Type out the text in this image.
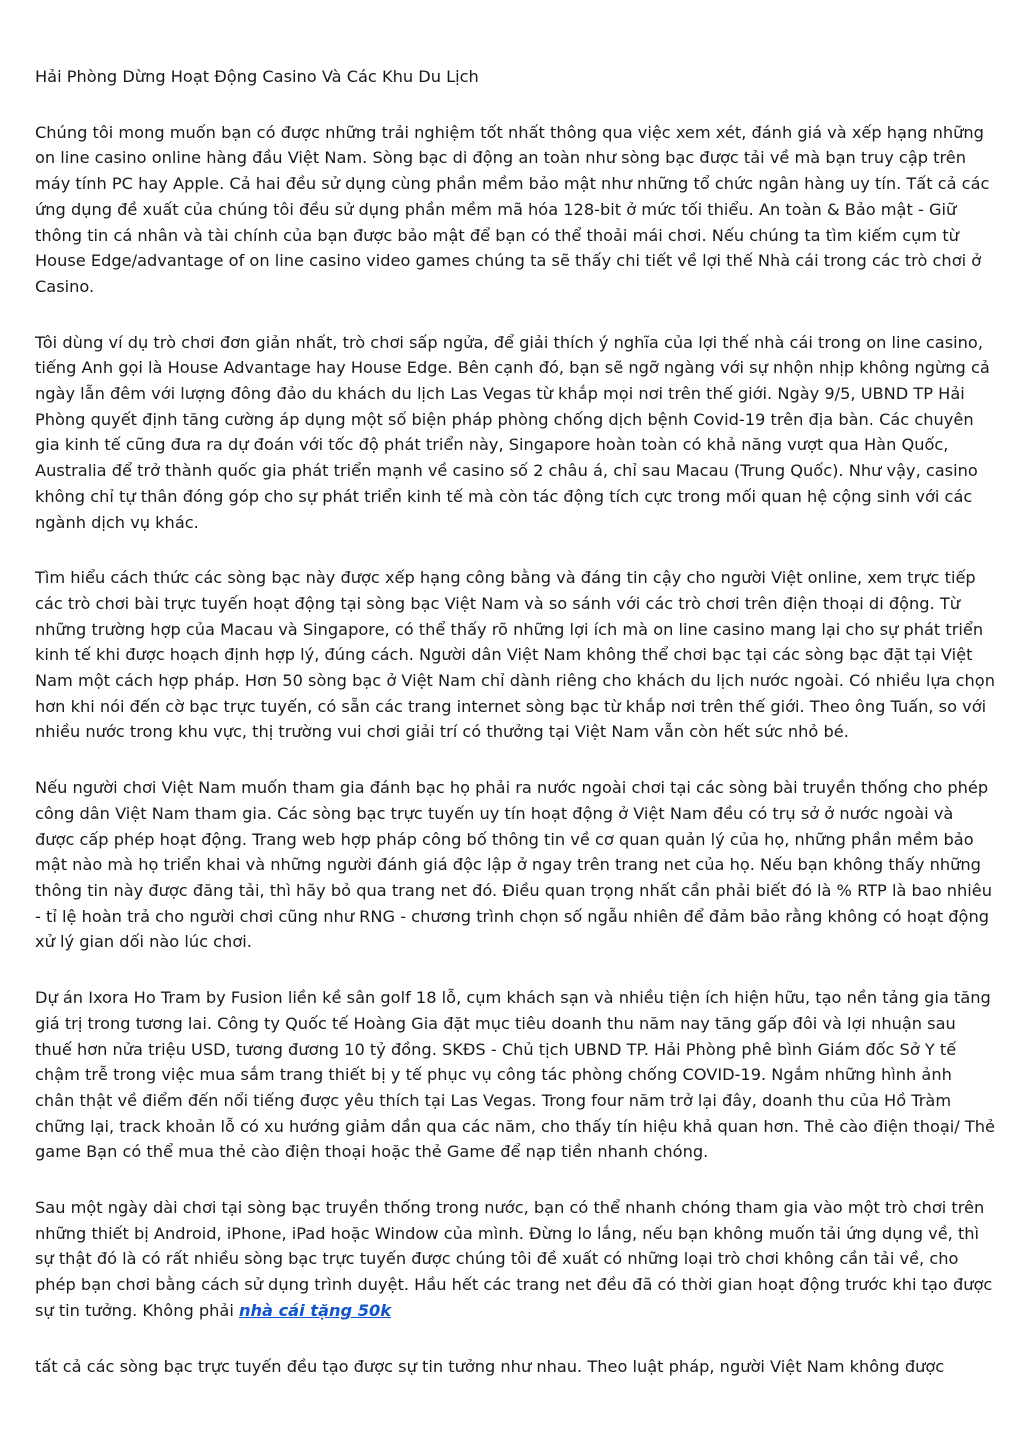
Hải Phòng Dừng Hoạt Động Casino Và Các Khu Du Lịch

Chúng tôi mong muốn bạn có được những trải nghiệm tốt nhất thông qua việc xem xét, đánh giá và xếp hạng những on line casino online hàng đầu Việt Nam. Sòng bạc di động an toàn như sòng bạc được tải về mà bạn truy cập trên máy tính PC hay Apple. Cả hai đều sử dụng cùng phần mềm bảo mật như những tổ chức ngân hàng uy tín. Tất cả các ứng dụng đề xuất của chúng tôi đều sử dụng phần mềm mã hóa 128-bit ở mức tối thiểu. An toàn & Bảo mật - Giữ thông tin cá nhân và tài chính của bạn được bảo mật để bạn có thể thoải mái chơi. Nếu chúng ta tìm kiếm cụm từ House Edge/advantage of on line casino video games chúng ta sẽ thấy chi tiết về lợi thế Nhà cái trong các trò chơi ở Casino.

Tôi dùng ví dụ trò chơi đơn giản nhất, trò chơi sấp ngửa, để giải thích ý nghĩa của lợi thế nhà cái trong on line casino, tiếng Anh gọi là House Advantage hay House Edge. Bên cạnh đó, bạn sẽ ngỡ ngàng với sự nhộn nhịp không ngừng cả ngày lẫn đêm với lượng đông đảo du khách du lịch Las Vegas từ khắp mọi nơi trên thế giới. Ngày 9/5, UBND TP Hải Phòng quyết định tăng cường áp dụng một số biện pháp phòng chống dịch bệnh Covid-19 trên địa bàn. Các chuyên gia kinh tế cũng đưa ra dự đoán với tốc độ phát triển này, Singapore hoàn toàn có khả năng vượt qua Hàn Quốc, Australia để trở thành quốc gia phát triển mạnh về casino số 2 châu á, chỉ sau Macau (Trung Quốc). Như vậy, casino không chỉ tự thân đóng góp cho sự phát triển kinh tế mà còn tác động tích cực trong mối quan hệ cộng sinh với các ngành dịch vụ khác.

Tìm hiểu cách thức các sòng bạc này được xếp hạng công bằng và đáng tin cậy cho người Việt online, xem trực tiếp các trò chơi bài trực tuyến hoạt động tại sòng bạc Việt Nam và so sánh với các trò chơi trên điện thoại di động. Từ những trường hợp của Macau và Singapore, có thể thấy rõ những lợi ích mà on line casino mang lại cho sự phát triển kinh tế khi được hoạch định hợp lý, đúng cách. Người dân Việt Nam không thể chơi bạc tại các sòng bạc đặt tại Việt Nam một cách hợp pháp. Hơn 50 sòng bạc ở Việt Nam chỉ dành riêng cho khách du lịch nước ngoài. Có nhiều lựa chọn hơn khi nói đến cờ bạc trực tuyến, có sẵn các trang internet sòng bạc từ khắp nơi trên thế giới. Theo ông Tuấn, so với nhiều nước trong khu vực, thị trường vui chơi giải trí có thưởng tại Việt Nam vẫn còn hết sức nhỏ bé.

Nếu người chơi Việt Nam muốn tham gia đánh bạc họ phải ra nước ngoài chơi tại các sòng bài truyền thống cho phép công dân Việt Nam tham gia. Các sòng bạc trực tuyến uy tín hoạt động ở Việt Nam đều có trụ sở ở nước ngoài và được cấp phép hoạt động. Trang web hợp pháp công bố thông tin về cơ quan quản lý của họ, những phần mềm bảo mật nào mà họ triển khai và những người đánh giá độc lập ở ngay trên trang net của họ. Nếu bạn không thấy những thông tin này được đăng tải, thì hãy bỏ qua trang net đó. Điều quan trọng nhất cần phải biết đó là % RTP là bao nhiêu - tỉ lệ hoàn trả cho người chơi cũng như RNG - chương trình chọn số ngẫu nhiên để đảm bảo rằng không có hoạt động xử lý gian dối nào lúc chơi.

Dự án Ixora Ho Tram by Fusion liền kề sân golf 18 lỗ, cụm khách sạn và nhiều tiện ích hiện hữu, tạo nền tảng gia tăng giá trị trong tương lai. Công ty Quốc tế Hoàng Gia đặt mục tiêu doanh thu năm nay tăng gấp đôi và lợi nhuận sau thuế hơn nửa triệu USD, tương đương 10 tỷ đồng. SKĐS - Chủ tịch UBND TP. Hải Phòng phê bình Giám đốc Sở Y tế chậm trễ trong việc mua sắm trang thiết bị y tế phục vụ công tác phòng chống COVID-19. Ngắm những hình ảnh chân thật về điểm đến nổi tiếng được yêu thích tại Las Vegas. Trong four năm trở lại đây, doanh thu của Hồ Tràm chững lại, track khoản lỗ có xu hướng giảm dần qua các năm, cho thấy tín hiệu khả quan hơn. Thẻ cào điện thoại/ Thẻ game Bạn có thể mua thẻ cào điện thoại hoặc thẻ Game để nạp tiền nhanh chóng.

Sau một ngày dài chơi tại sòng bạc truyền thống trong nước, bạn có thể nhanh chóng tham gia vào một trò chơi trên những thiết bị Android, iPhone, iPad hoặc Window của mình. Đừng lo lắng, nếu bạn không muốn tải ứng dụng về, thì sự thật đó là có rất nhiều sòng bạc trực tuyến được chúng tôi đề xuất có những loại trò chơi không cần tải về, cho phép bạn chơi bằng cách sử dụng trình duyệt. Hầu hết các trang net đều đã có thời gian hoạt động trước khi tạo được sự tin tưởng. Không phải nhà cái tặng 50k

tất cả các sòng bạc trực tuyến đều tạo được sự tin tưởng như nhau. Theo luật pháp, người Việt Nam không được
